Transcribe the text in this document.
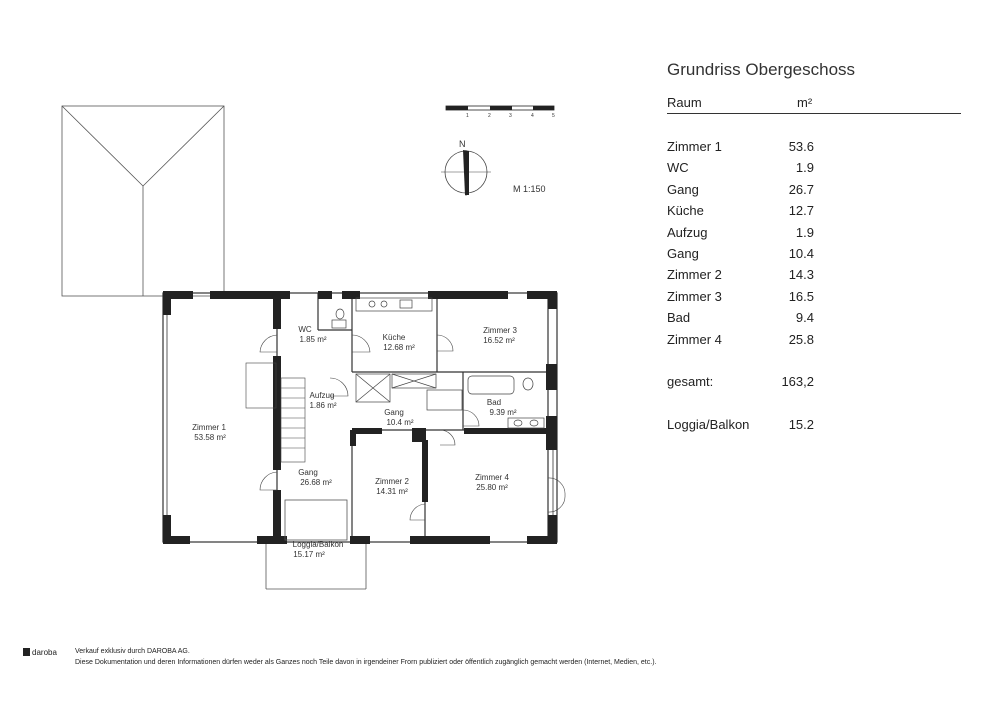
1	2	3	4	5
N
M 1:150
WC
1.85 m²	Küche
12.68 m²
Zimmer 3
16.52 m²
Aufzug
1.86 m²	Bad
9.39 m²
Gang
10.4 m²
Zimmer 1
53.58 m²
Zimmer 2
14.31 m²
Zimmer 4
25.80 m²
Gang
26.68 m²
Loggia/Balkon
15.17 m²
Grundriss Obergeschoss
Raum	m²
Zimmer 1	53.6
WC	1.9
Gang	26.7
Küche	12.7
Aufzug	1.9
Gang	10.4
Zimmer 2	14.3
Zimmer 3	16.5
Bad	9.4
Zimmer 4	25.8
gesamt:	163,2
Loggia/Balkon	15.2
daroba	Verkauf exklusiv durch DAROBA AG.
Diese Dokumentation und deren Informationen dürfen weder als Ganzes noch Teile davon in irgendeiner Frorn publiziert oder öffentlich zugänglich gemacht werden (Internet, Medien, etc.).
